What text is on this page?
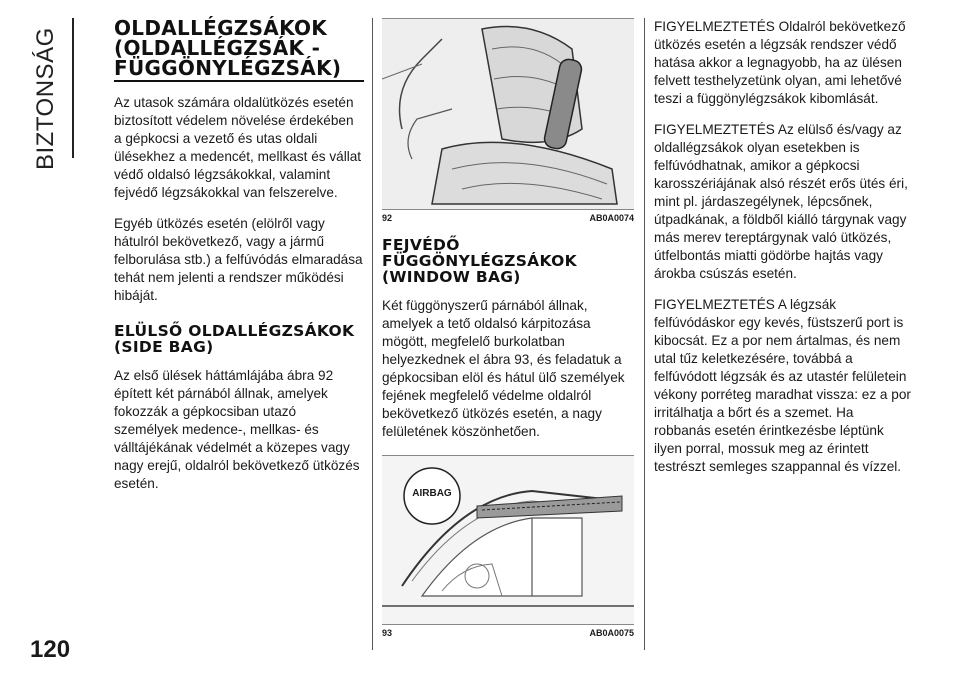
BIZTONSÁG
120
OLDALLÉGZSÁKOK (OLDALLÉGZSÁK - FÜGGÖNYLÉGZSÁK)

Az utasok számára oldalütközés esetén biztosított védelem növelése érdekében a gépkocsi a vezető és utas oldali ülésekhez a medencét, mellkast és vállat védő oldalsó légzsákokkal, valamint fejvédő légzsákokkal van felszerelve.

Egyéb ütközés esetén (elölről vagy hátulról bekövetkező, vagy a jármű felborulása stb.) a felfúvódás elmaradása tehát nem jelenti a rendszer működési hibáját.

ELÜLSŐ OLDALLÉGZSÁKOK (SIDE BAG)

Az első ülések háttámlájába ábra 92 épített két párnából állnak, amelyek fokozzák a gépkocsiban utazó személyek medence-, mellkas- és válltájékának védelmét a közepes vagy nagy erejű, oldalról bekövetkező ütközés esetén.

92	AB0A0074
FEJVÉDŐ FÜGGÖNYLÉGZSÁKOK (WINDOW BAG)

Két függönyszerű párnából állnak, amelyek a tető oldalsó kárpitozása mögött, megfelelő burkolatban helyezkednek el ábra 93, és feladatuk a gépkocsiban elöl és hátul ülő személyek fejének megfelelő védelme oldalról bekövetkező ütközés esetén, a nagy felületének köszönhetően.

AIRBAG
93	AB0A0075

FIGYELMEZTETÉS Oldalról bekövetkező ütközés esetén a légzsák rendszer védő hatása akkor a legnagyobb, ha az ülésen felvett testhelyzetünk olyan, ami lehetővé teszi a függönylégzsákok kibomlását.

FIGYELMEZTETÉS Az elülső és/vagy az oldallégzsákok olyan esetekben is felfúvódhatnak, amikor a gépkocsi karosszériájának alsó részét erős ütés éri, mint pl. járdaszegélynek, lépcsőnek, útpadkának, a földből kiálló tárgynak vagy más merev tereptárgynak való ütközés, útfelbontás miatti gödörbe hajtás vagy árokba csúszás esetén.

FIGYELMEZTETÉS A légzsák felfúvódáskor egy kevés, füstszerű port is kibocsát. Ez a por nem ártalmas, és nem utal tűz keletkezésére, továbbá a felfúvódott légzsák és az utastér felületein vékony porréteg maradhat vissza: ez a por irritálhatja a bőrt és a szemet. Ha robbanás esetén érintkezésbe léptünk ilyen porral, mossuk meg az érintett testrészt semleges szappannal és vízzel.
